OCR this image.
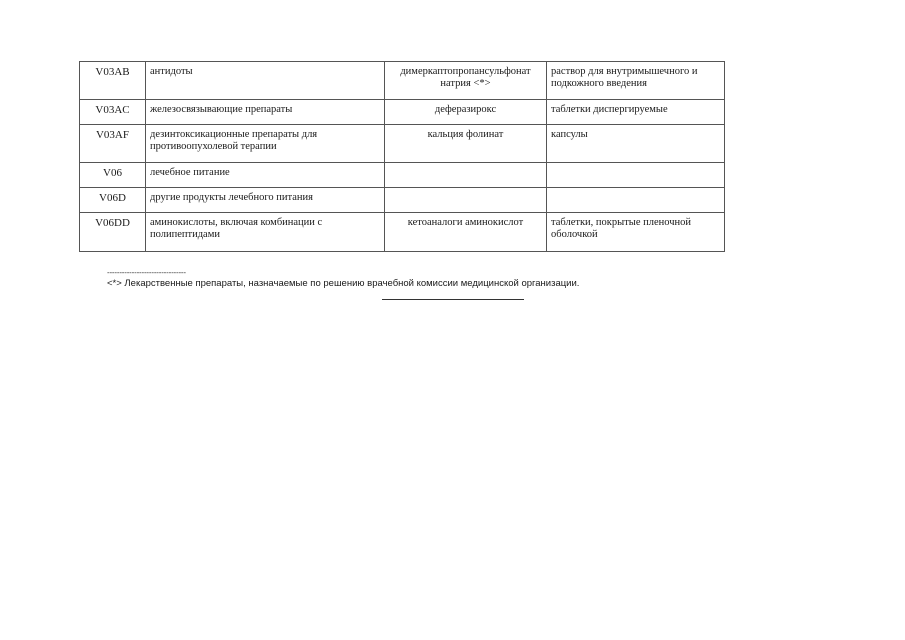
V03AB	антидоты	димеркаптопропансульфонат натрия <*>	раствор для внутримышечного и подкожного введения
V03AC	железосвязывающие препараты	деферазирокс	таблетки диспергируемые
V03AF	дезинтоксикационные препараты для противоопухолевой терапии	кальция фолинат	капсулы
V06	лечебное питание		
V06D	другие продукты лечебного питания		
V06DD	аминокислоты, включая комбинации с полипептидами	кетоаналоги аминокислот	таблетки, покрытые пленочной оболочкой
--------------------------------
<*> Лекарственные препараты, назначаемые по решению врачебной комиссии медицинской организации.
